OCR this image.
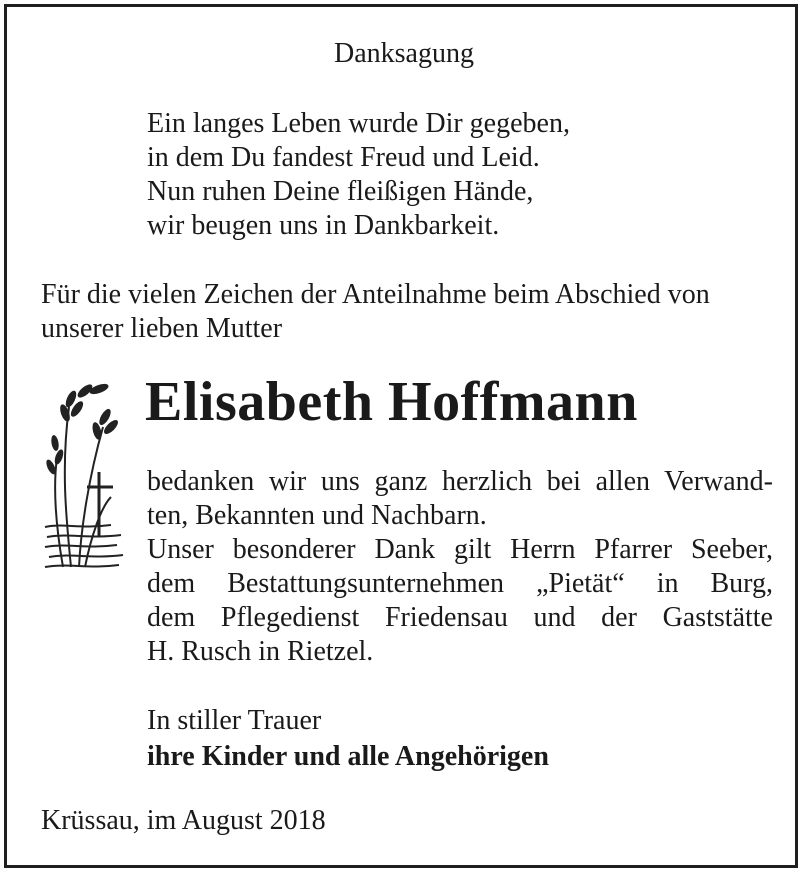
Danksagung
Ein langes Leben wurde Dir gegeben,
in dem Du fandest Freud und Leid.
Nun ruhen Deine fleißigen Hände,
wir beugen uns in Dankbarkeit.
Für die vielen Zeichen der Anteilnahme beim Abschied von
unserer lieben Mutter
Elisabeth Hoffmann
bedanken wir uns ganz herzlich bei allen Verwand-
ten, Bekannten und Nachbarn.
Unser besonderer Dank gilt Herrn Pfarrer Seeber,
dem Bestattungsunternehmen „Pietät“ in Burg,
dem Pflegedienst Friedensau und der Gaststätte
H. Rusch in Rietzel.
In stiller Trauer
ihre Kinder und alle Angehörigen
Krüssau, im August 2018
